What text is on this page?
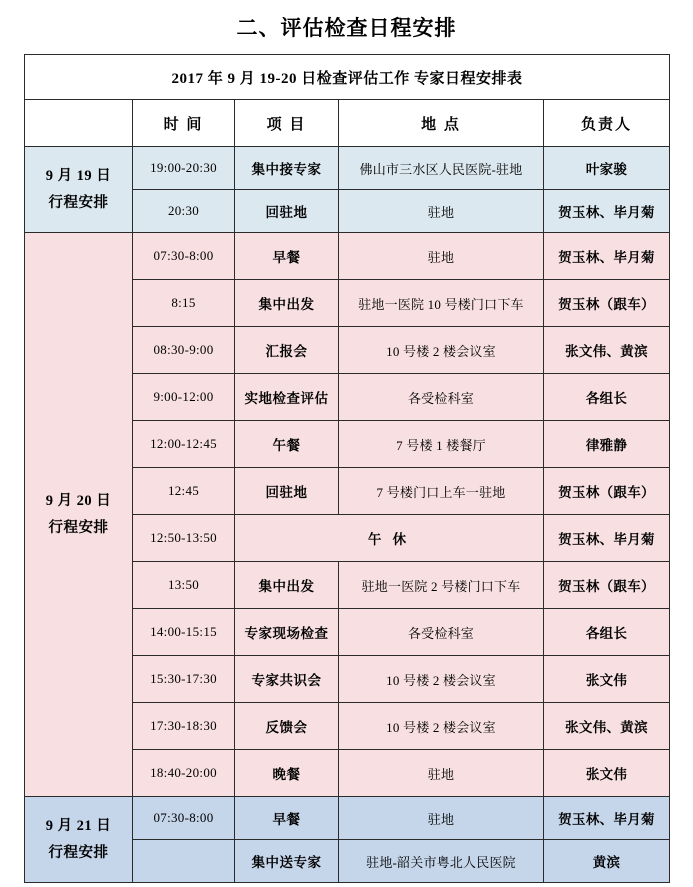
二、评估检查日程安排
2017 年 9 月 19-20 日检查评估工作 专家日程安排表				
	时 间	项 目	地 点	负责人

9 月 19 日
行程安排	19:00-20:30	集中接专家	佛山市三水区人民医院-驻地	叶家骏
	20:30	回驻地	驻地	贺玉林、毕月菊

9 月 20 日
行程安排	07:30-8:00	早餐	驻地	贺玉林、毕月菊
	8:15	集中出发	驻地一医院 10 号楼门口下车	贺玉林（跟车）
	08:30-9:00	汇报会	10 号楼 2 楼会议室	张文伟、黄滨
	9:00-12:00	实地检查评估	各受检科室	各组长
	12:00-12:45	午餐	7 号楼 1 楼餐厅	律雅静
	12:45	回驻地	7 号楼门口上车一驻地	贺玉林（跟车）
	12:50-13:50	午 休		贺玉林、毕月菊
	13:50	集中出发	驻地一医院 2 号楼门口下车	贺玉林（跟车）
	14:00-15:15	专家现场检查	各受检科室	各组长
	15:30-17:30	专家共识会	10 号楼 2 楼会议室	张文伟
	17:30-18:30	反馈会	10 号楼 2 楼会议室	张文伟、黄滨
	18:40-20:00	晚餐	驻地	张文伟

9 月 21 日
行程安排	07:30-8:00	早餐	驻地	贺玉林、毕月菊
		集中送专家	驻地-韶关市粤北人民医院	黄滨
